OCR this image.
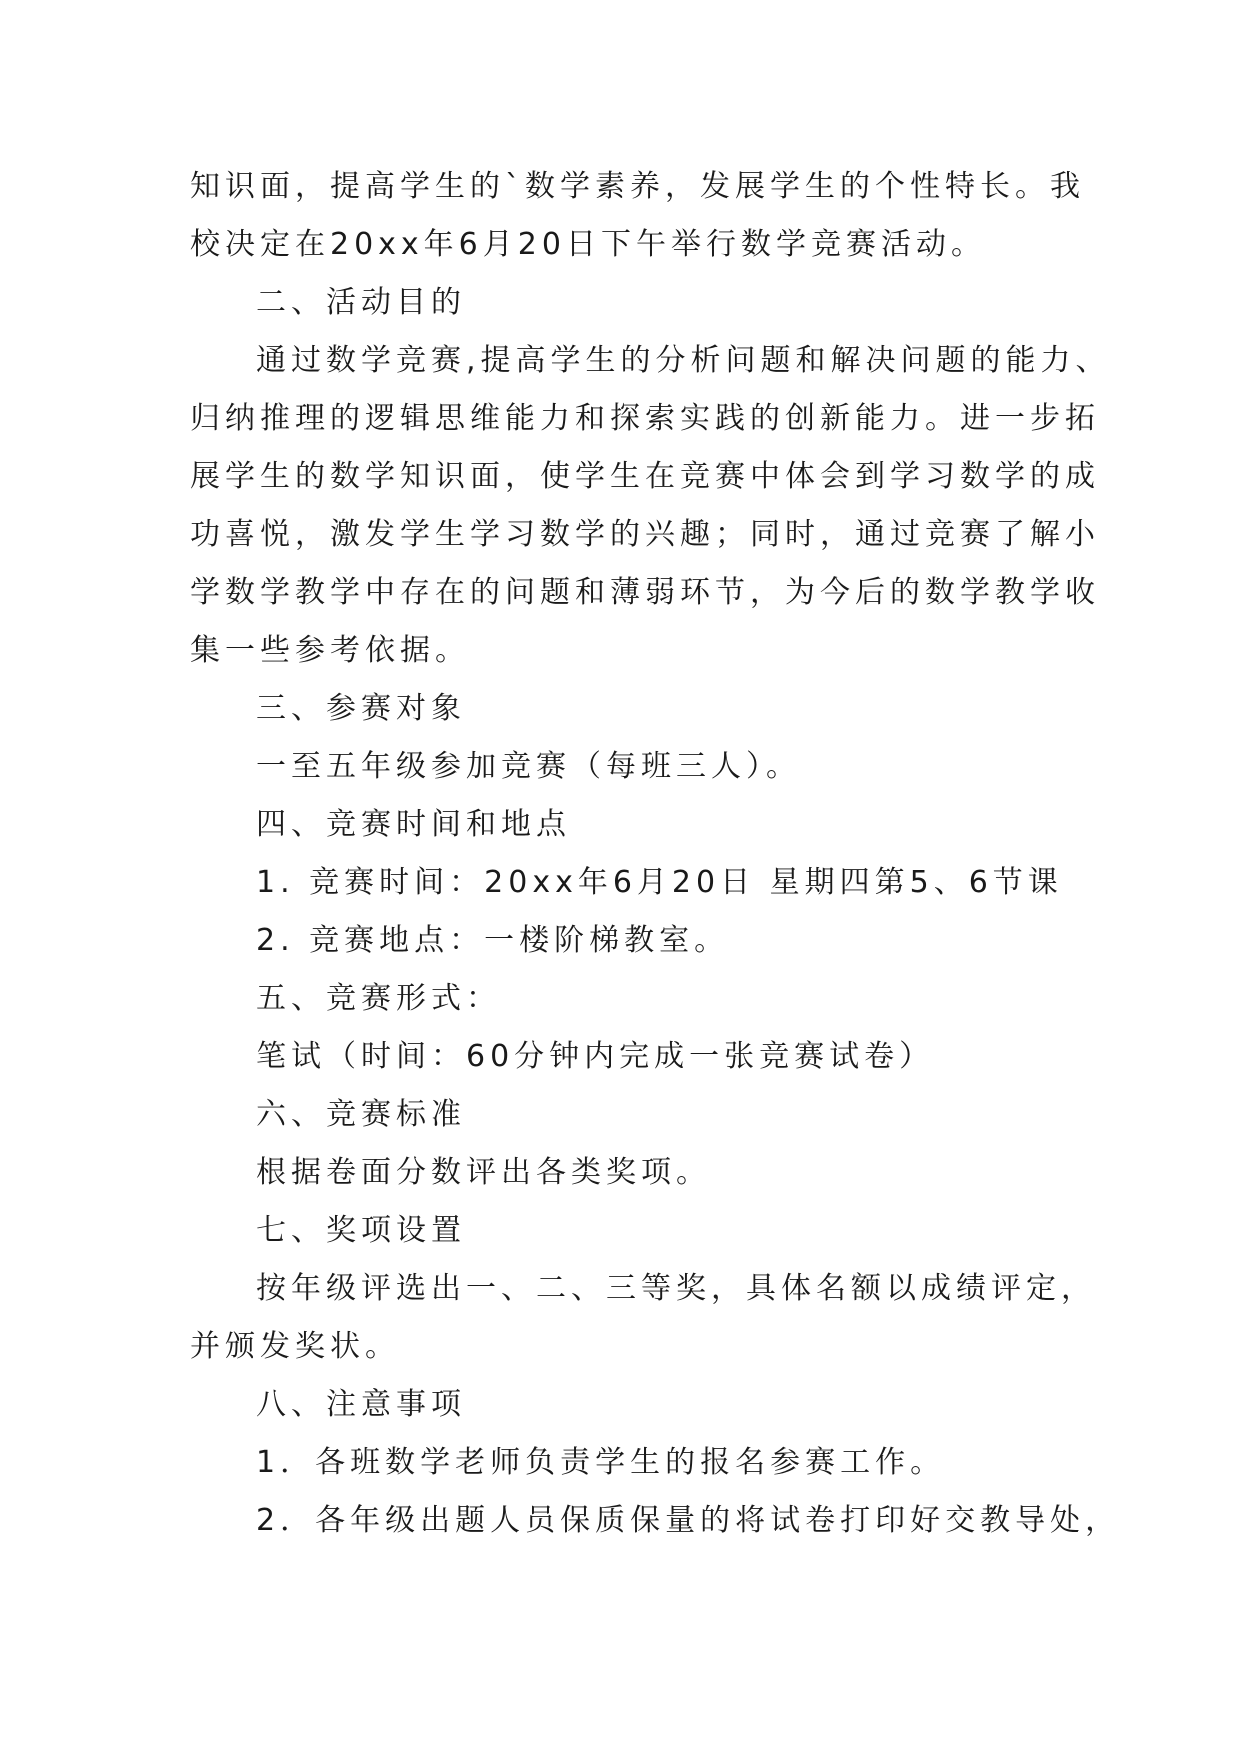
知识面，提高学生的`数学素养，发展学生的个性特长。我
校决定在20xx年6月20日下午举行数学竞赛活动。
二、活动目的
通过数学竞赛,提高学生的分析问题和解决问题的能力、
归纳推理的逻辑思维能力和探索实践的创新能力。进一步拓
展学生的数学知识面，使学生在竞赛中体会到学习数学的成
功喜悦，激发学生学习数学的兴趣；同时，通过竞赛了解小
学数学教学中存在的问题和薄弱环节，为今后的数学教学收
集一些参考依据。
三、参赛对象
一至五年级参加竞赛（每班三人）。
四、竞赛时间和地点
1. 竞赛时间：20xx年6月20日 星期四第5、6节课
2. 竞赛地点：一楼阶梯教室。
五、竞赛形式：
笔试（时间：60分钟内完成一张竞赛试卷）
六、竞赛标准
根据卷面分数评出各类奖项。
七、奖项设置
按年级评选出一、二、三等奖，具体名额以成绩评定，
并颁发奖状。
八、注意事项
1．各班数学老师负责学生的报名参赛工作。
2．各年级出题人员保质保量的将试卷打印好交教导处，
